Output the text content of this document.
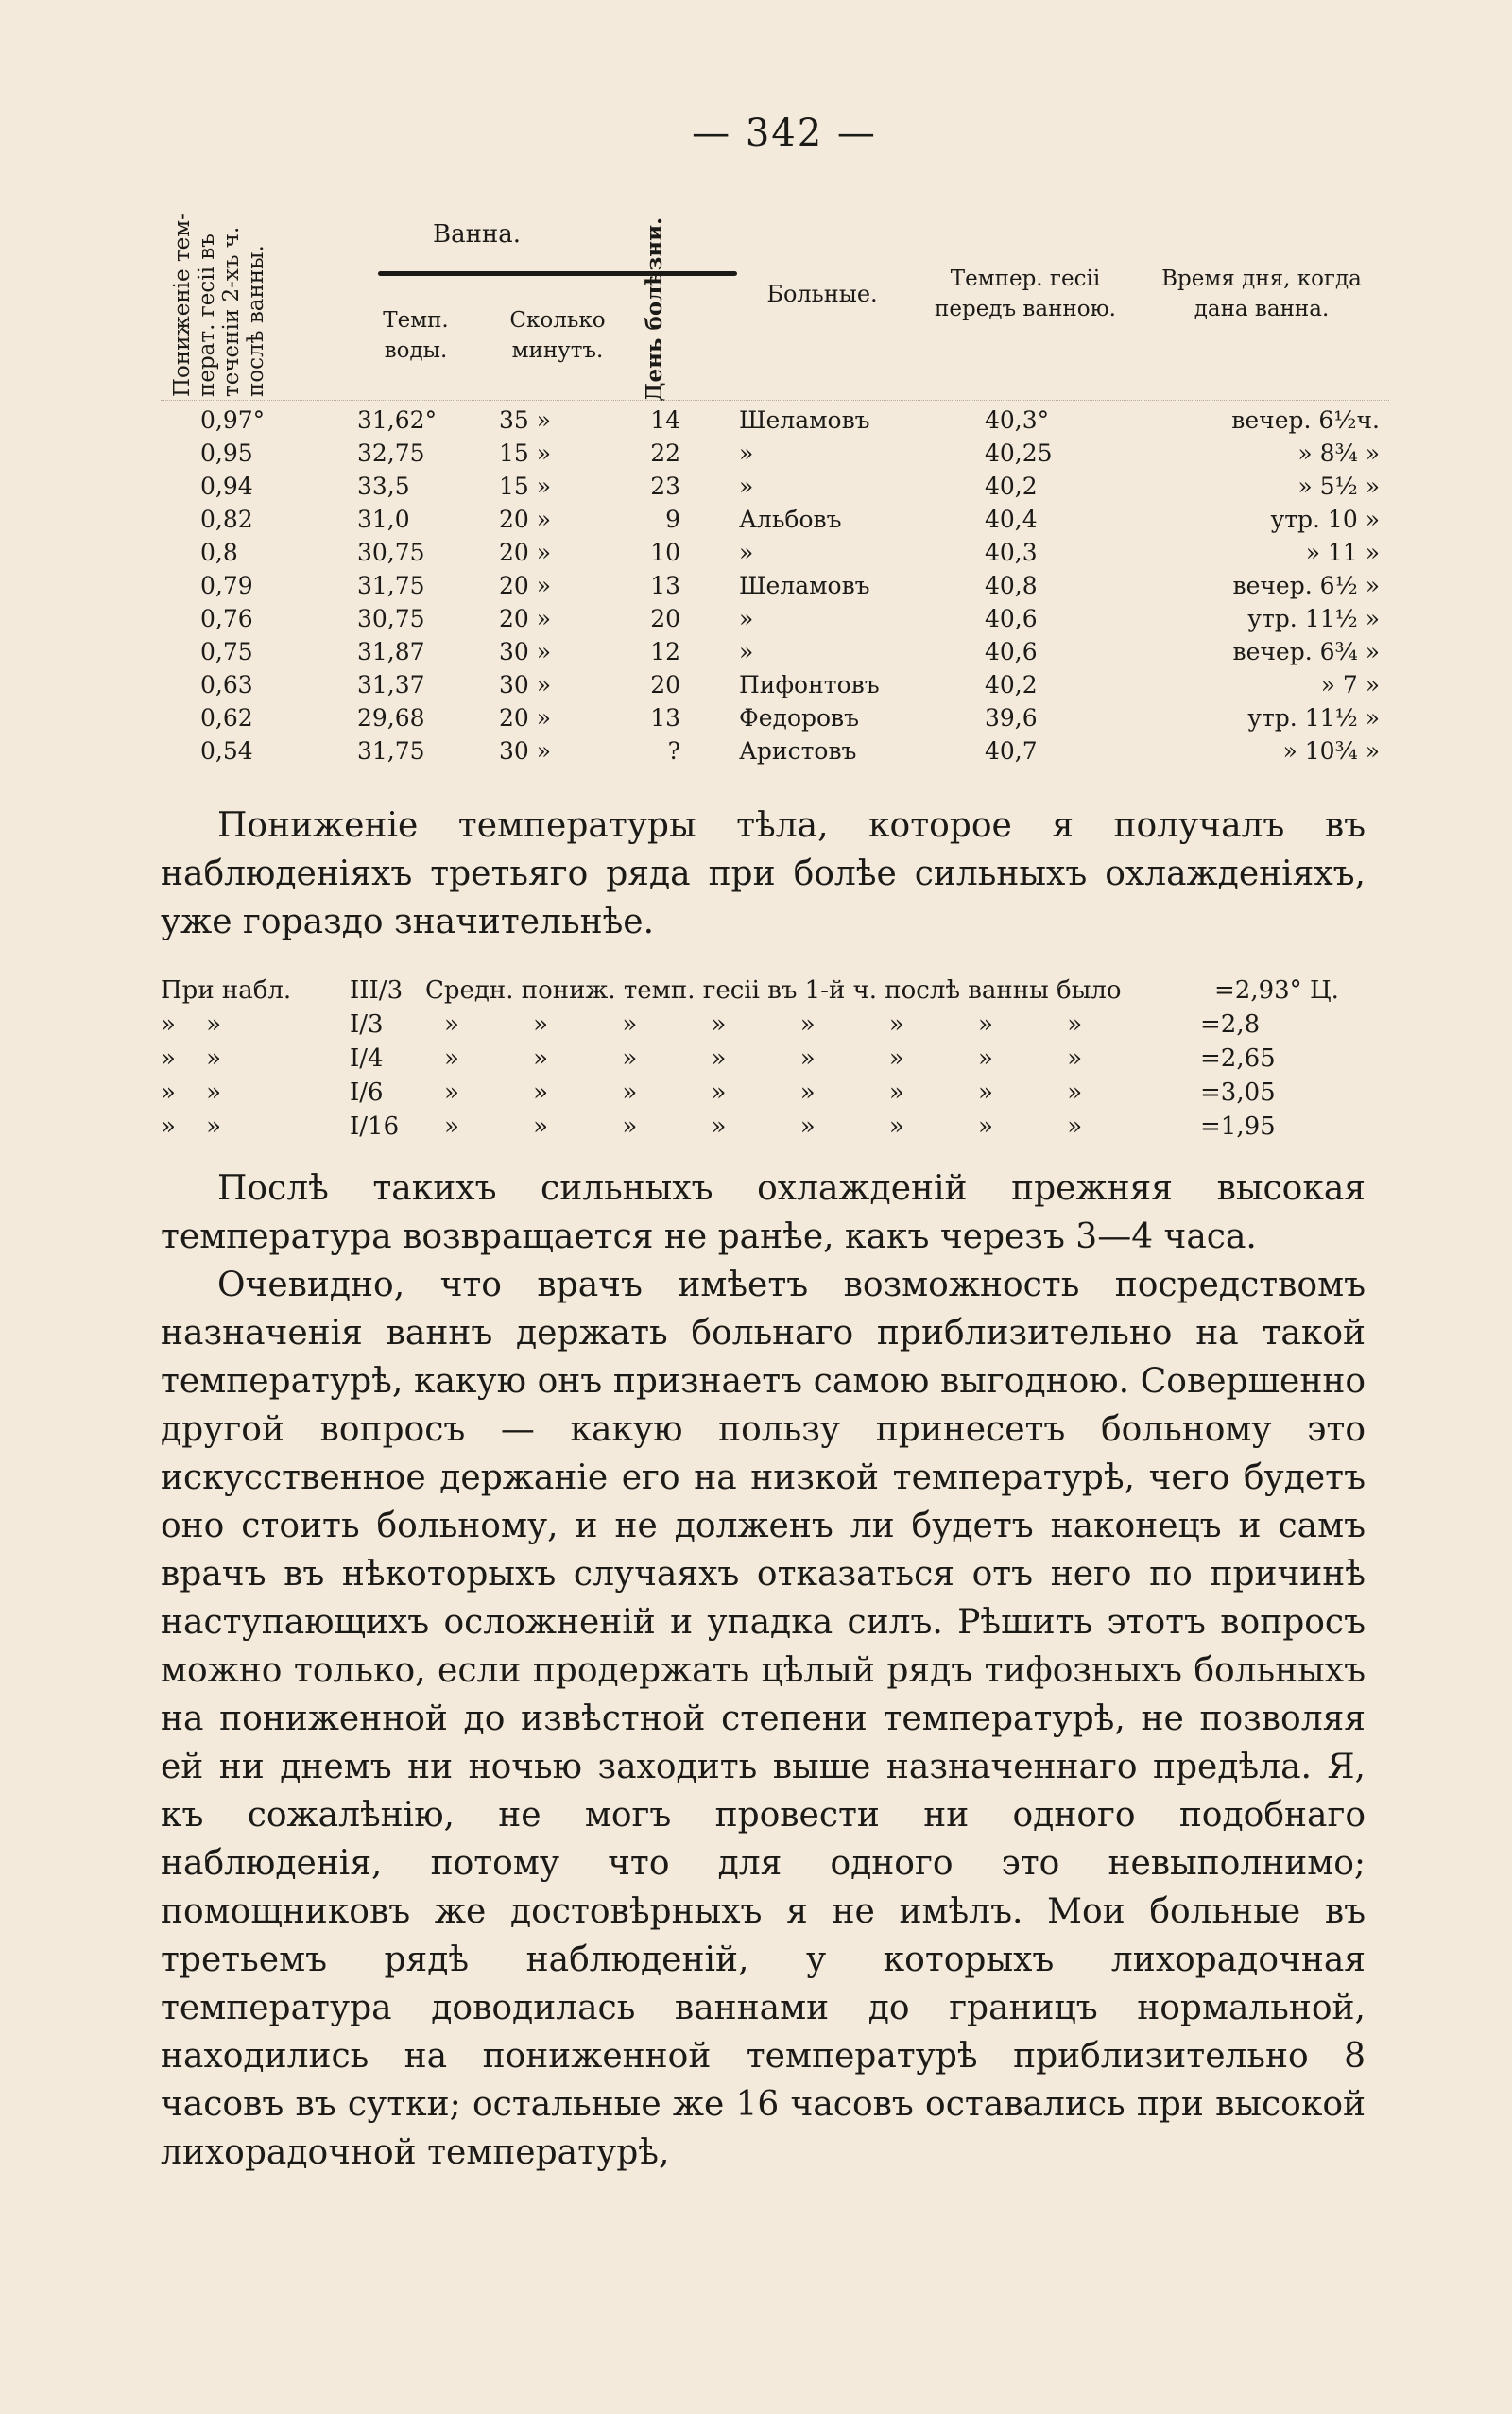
— 342 —
Пониженіе тем-
перат. гесіі въ
теченіи 2-хъ ч.
послѣ ванны.
Ванна.
Темп. воды.
Сколько минутъ.	День болѣзни.	Больные.
Темпер. гесіі передъ ванною.
Время дня, когда дана ванна.
0,97°	31,62°	35 »	14 Шеламовъ	40,3°	вечер. 6½ч.
0,95	32,75	15 »	22 »	40,25	» 8¾ »
0,94	33,5	15 »	23 »	40,2	» 5½ »
0,82	31,0	20 »	9 Альбовъ	40,4	утр. 10 »
0,8	30,75	20 »	10 »	40,3	» 11 »
0,79	31,75	20 »	13 Шеламовъ	40,8	вечер. 6½ »
0,76	30,75	20 »	20 »	40,6	утр. 11½ »
0,75	31,87	30 »	12 »	40,6	вечер. 6¾ »
0,63	31,37	30 »	20 Пифонтовъ	40,2	» 7 »
0,62	29,68	20 »	13 Федоровъ	39,6	утр. 11½ »
0,54	31,75	30 »	? Аристовъ	40,7	» 10¾ »

Пониженіе температуры тѣла, которое я получалъ въ наблюденіяхъ третьяго ряда при болѣе сильныхъ охлажденіяхъ, уже гораздо значительнѣе.

При набл. III/3 Средн. пониж. темп. гесіі въ 1-й ч. послѣ ванны было	=2,93° Ц.
» »	I/3 » » » » » » » »	=2,8
» »	I/4 » » » » » » » »	=2,65
» »	I/6 » » » » » » » »	=3,05
» »	I/16 » » » » » » » »	=1,95

Послѣ такихъ сильныхъ охлажденій прежняя высокая температура возвращается не ранѣе, какъ черезъ 3—4 часа.

Очевидно, что врачъ имѣетъ возможность посредствомъ назначенія ваннъ держать больнаго приблизительно на такой температурѣ, какую онъ признаетъ самою выгодною. Совершенно другой вопросъ — какую пользу принесетъ больному это искусственное держаніе его на низкой температурѣ, чего будетъ оно стоить больному, и не долженъ ли будетъ наконецъ и самъ врачъ въ нѣкоторыхъ случаяхъ отказаться отъ него по причинѣ наступающихъ осложненій и упадка силъ. Рѣшить этотъ вопросъ можно только, если продержать цѣлый рядъ тифозныхъ больныхъ на пониженной до извѣстной степени температурѣ, не позволяя ей ни днемъ ни ночью заходить выше назначеннаго предѣла. Я, къ сожалѣнію, не могъ провести ни одного подобнаго наблюденія, потому что для одного это невыполнимо; помощниковъ же достовѣрныхъ я не имѣлъ. Мои больные въ третьемъ рядѣ наблюденій, у которыхъ лихорадочная температура доводилась ваннами до границъ нормальной, находились на пониженной температурѣ приблизительно 8 часовъ въ сутки; остальные же 16 часовъ оставались при высокой лихорадочной температурѣ,
